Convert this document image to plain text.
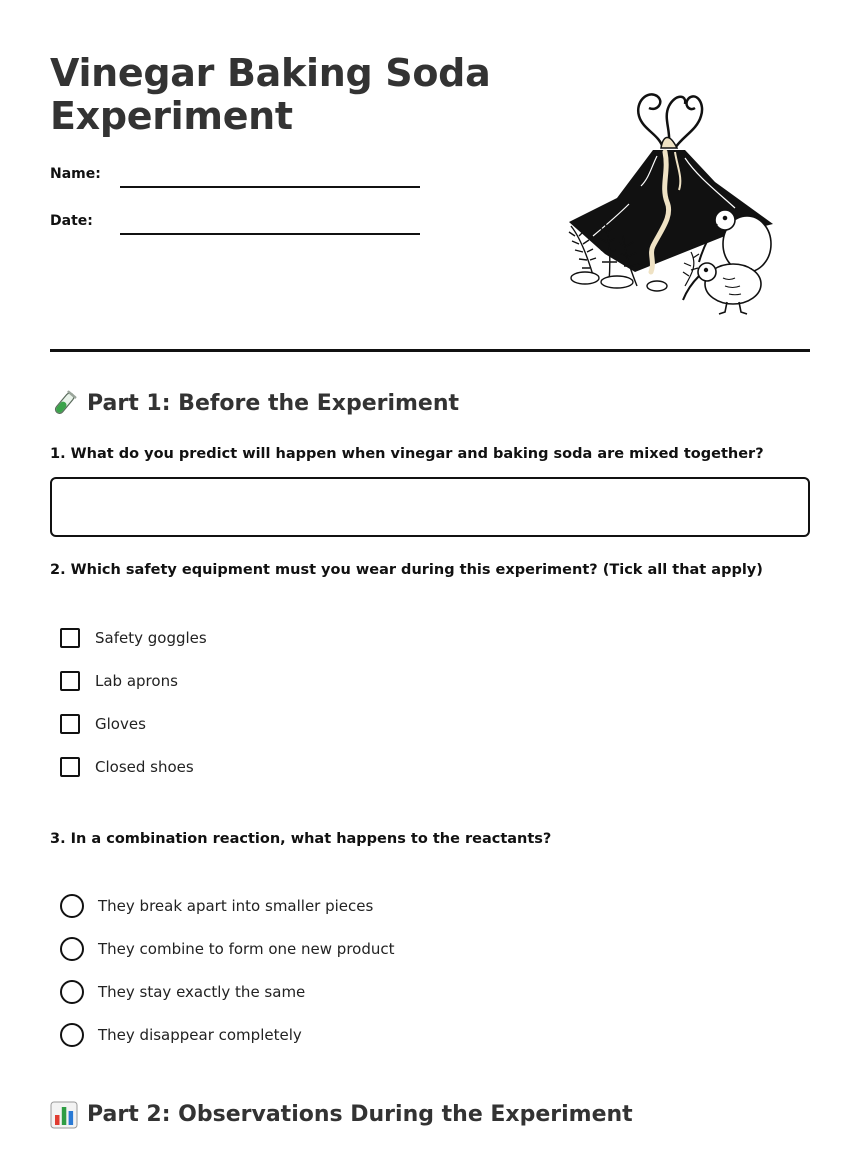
Vinegar Baking Soda Experiment
Name:
Date:
Part 1: Before the Experiment

1. What do you predict will happen when vinegar and baking soda are mixed together?

2. Which safety equipment must you wear during this experiment? (Tick all that apply)

Safety goggles
Lab aprons
Gloves
Closed shoes

3. In a combination reaction, what happens to the reactants?

They break apart into smaller pieces
They combine to form one new product
They stay exactly the same
They disappear completely
Part 2: Observations During the Experiment
